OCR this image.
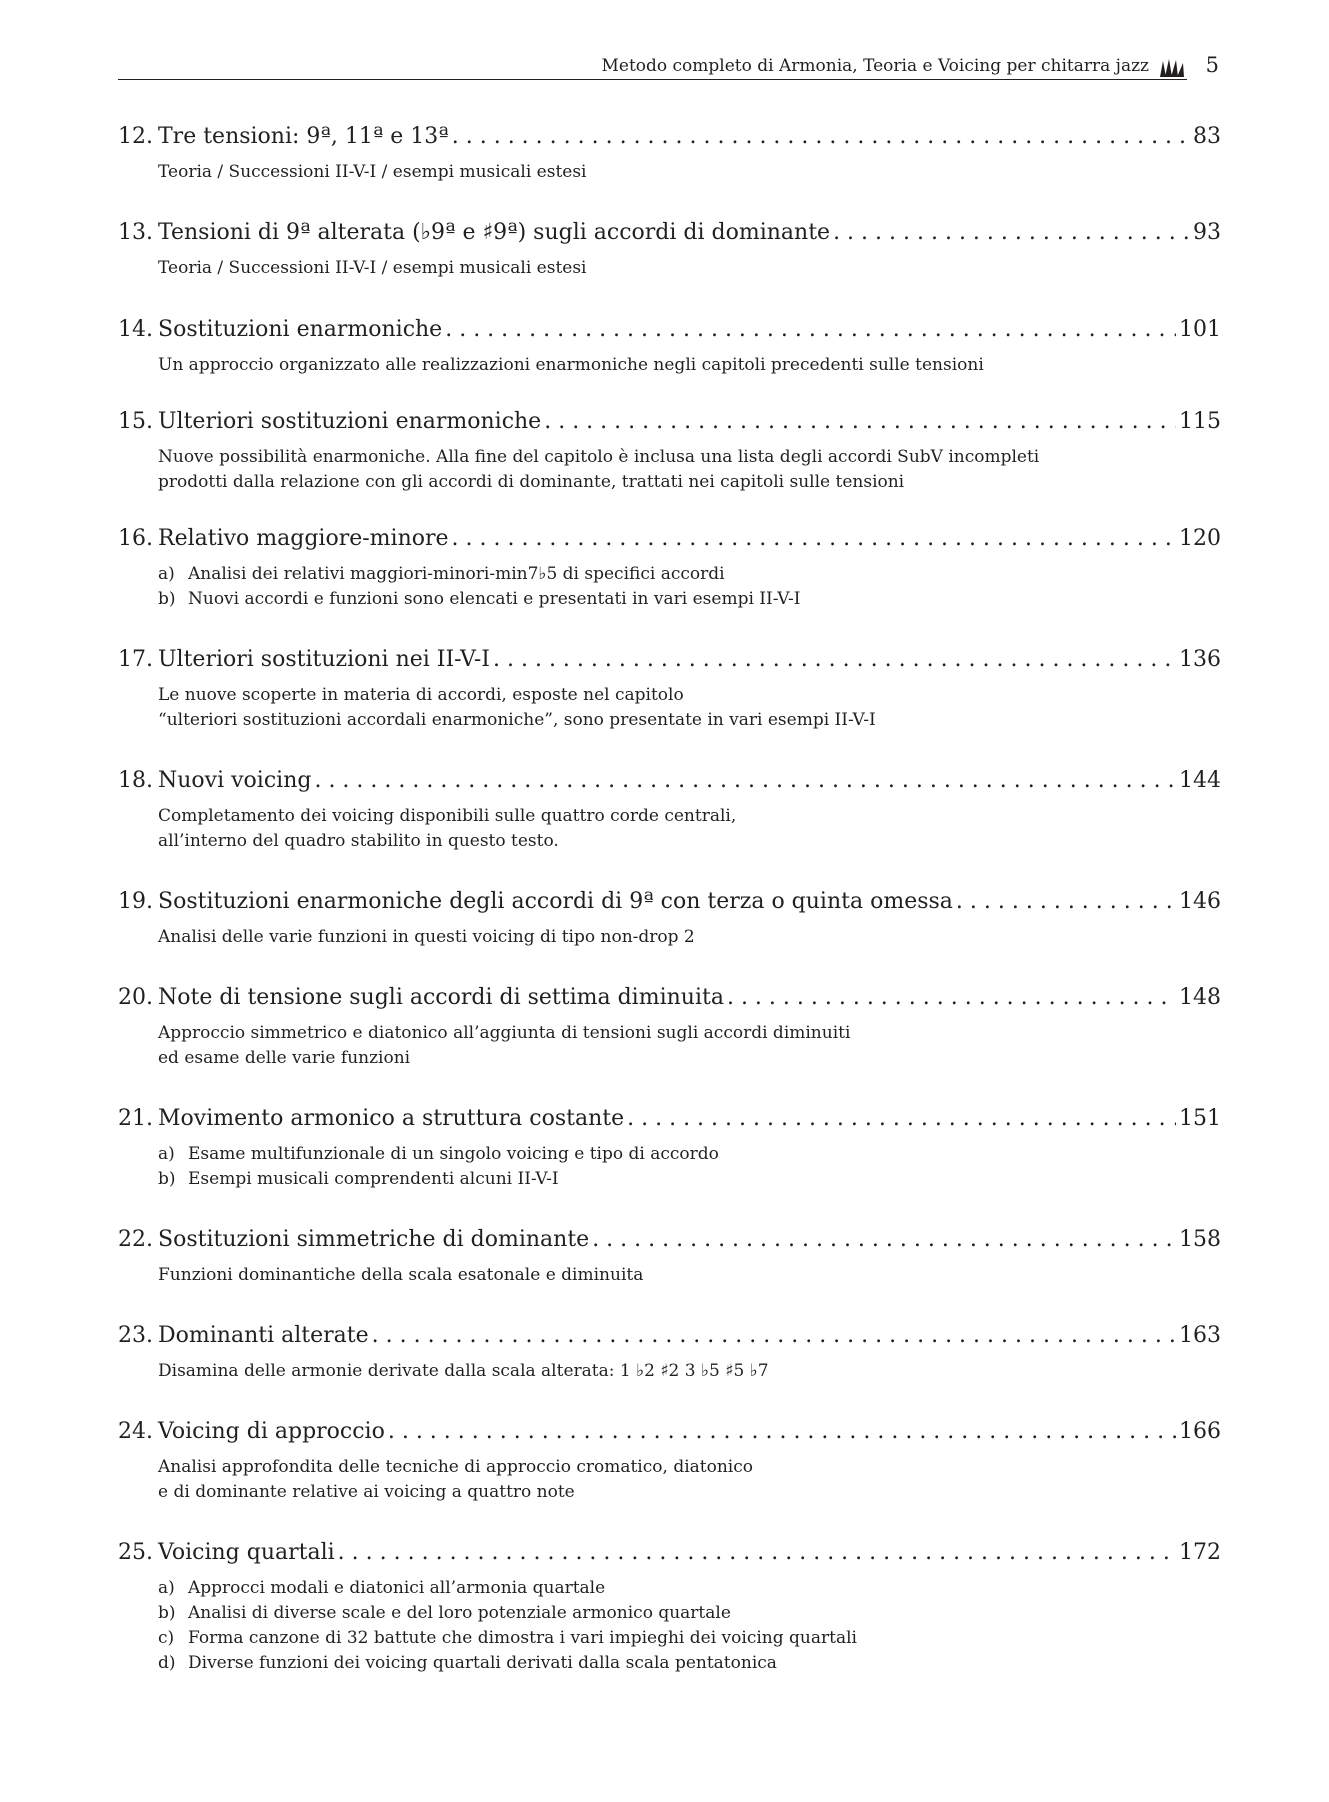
Metodo completo di Armonia, Teoria e Voicing per chitarra jazz	5
12. Tre tensioni: 9ª, 11ª e 13ª . . .	83
Teoria / Successioni II-V-I / esempi musicali estesi
13. Tensioni di 9ª alterata (♭9ª e ♯9ª) sugli accordi di dominante . . .	93
Teoria / Successioni II-V-I / esempi musicali estesi
14. Sostituzioni enarmoniche . . .	101
Un approccio organizzato alle realizzazioni enarmoniche negli capitoli precedenti sulle tensioni
15. Ulteriori sostituzioni enarmoniche . . .	115
Nuove possibilità enarmoniche. Alla fine del capitolo è inclusa una lista degli accordi SubV incompleti
prodotti dalla relazione con gli accordi di dominante, trattati nei capitoli sulle tensioni
16. Relativo maggiore-minore . . .	120
a) Analisi dei relativi maggiori-minori-min7♭5 di specifici accordi
b) Nuovi accordi e funzioni sono elencati e presentati in vari esempi II-V-I
17. Ulteriori sostituzioni nei II-V-I . . .	136
Le nuove scoperte in materia di accordi, esposte nel capitolo
“ulteriori sostituzioni accordali enarmoniche”, sono presentate in vari esempi II-V-I
18. Nuovi voicing . . .	144
Completamento dei voicing disponibili sulle quattro corde centrali,
all’interno del quadro stabilito in questo testo.
19. Sostituzioni enarmoniche degli accordi di 9ª con terza o quinta omessa . . .	146
Analisi delle varie funzioni in questi voicing di tipo non-drop 2
20. Note di tensione sugli accordi di settima diminuita . . .	148
Approccio simmetrico e diatonico all’aggiunta di tensioni sugli accordi diminuiti
ed esame delle varie funzioni
21. Movimento armonico a struttura costante . . .	151
a) Esame multifunzionale di un singolo voicing e tipo di accordo
b) Esempi musicali comprendenti alcuni II-V-I
22. Sostituzioni simmetriche di dominante . . .	158
Funzioni dominantiche della scala esatonale e diminuita
23. Dominanti alterate . . .	163
Disamina delle armonie derivate dalla scala alterata: 1 ♭2 ♯2 3 ♭5 ♯5 ♭7
24. Voicing di approccio . . .	166
Analisi approfondita delle tecniche di approccio cromatico, diatonico
e di dominante relative ai voicing a quattro note
25. Voicing quartali . . .	172
a) Approcci modali e diatonici all’armonia quartale
b) Analisi di diverse scale e del loro potenziale armonico quartale
c) Forma canzone di 32 battute che dimostra i vari impieghi dei voicing quartali
d) Diverse funzioni dei voicing quartali derivati dalla scala pentatonica
